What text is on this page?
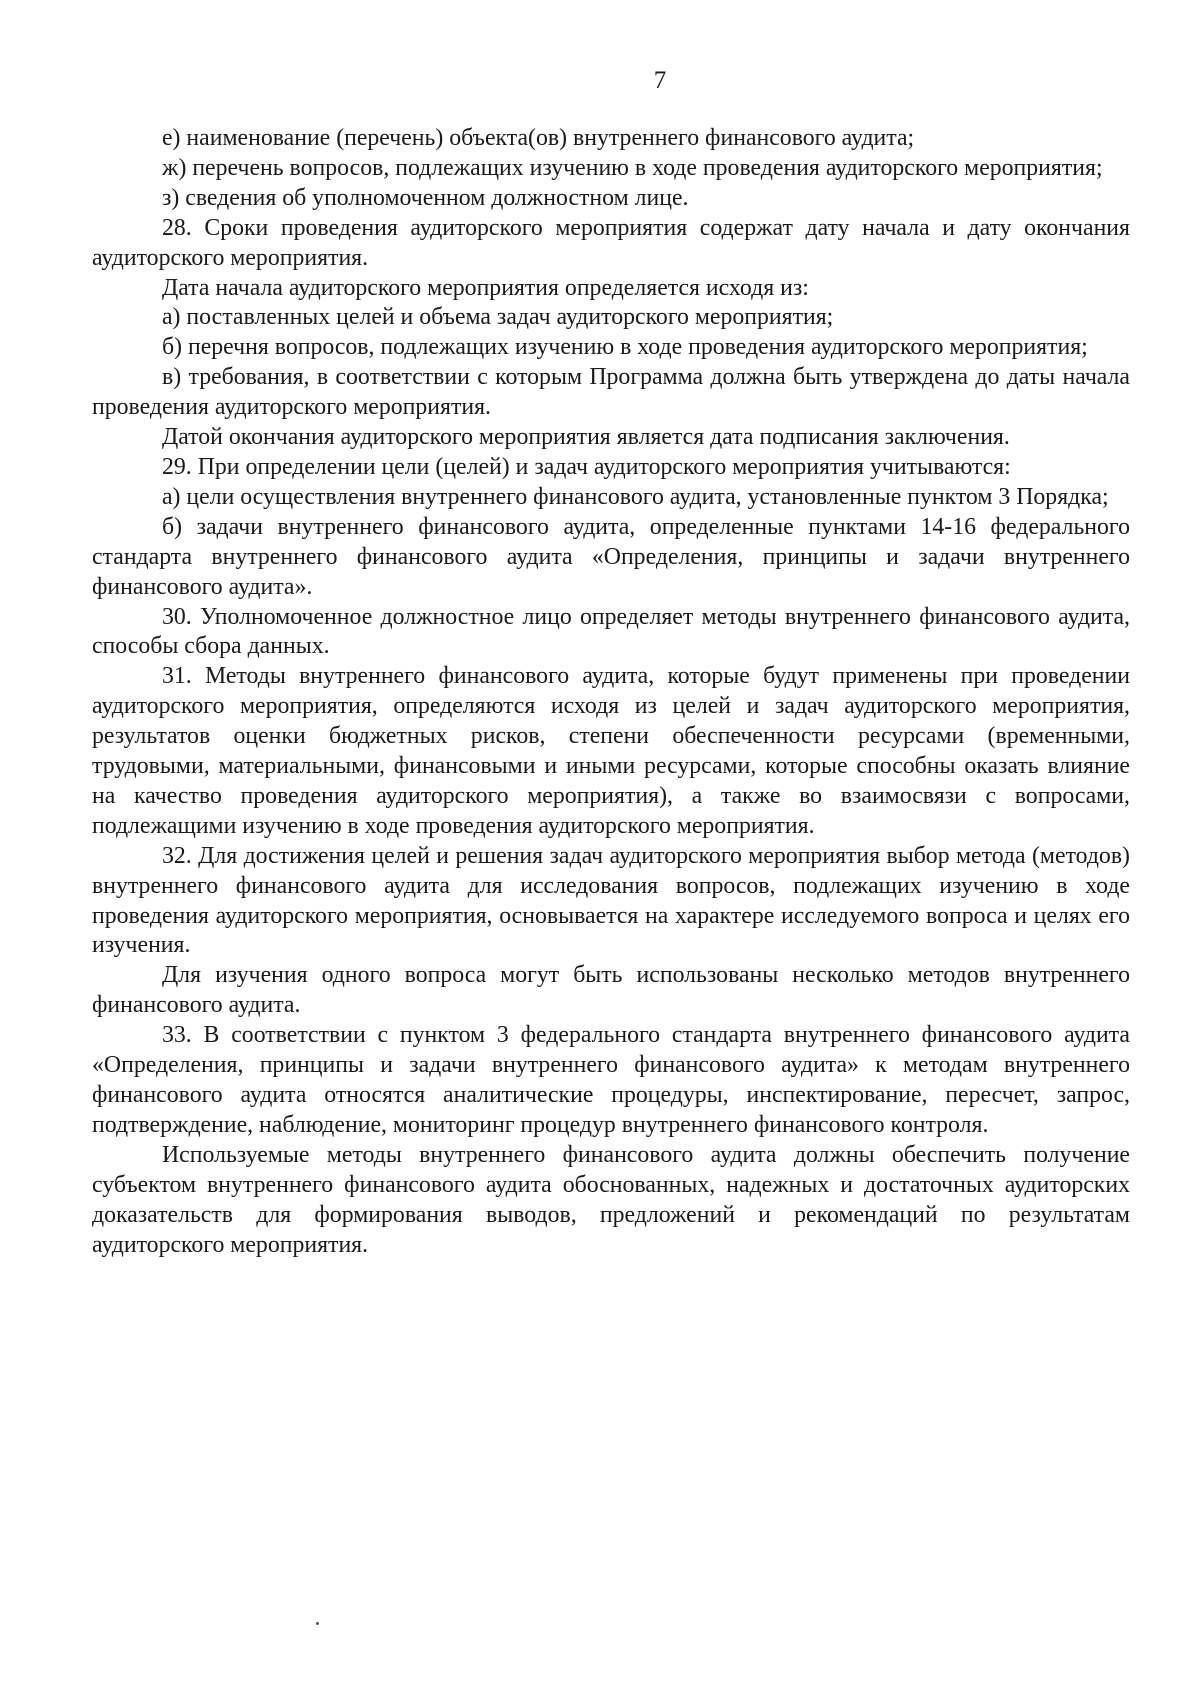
7

е) наименование (перечень) объекта(ов) внутреннего финансового аудита;

ж) перечень вопросов, подлежащих изучению в ходе проведения аудиторского мероприятия;

з) сведения об уполномоченном должностном лице.

28. Сроки проведения аудиторского мероприятия содержат дату начала и дату окончания аудиторского мероприятия.

Дата начала аудиторского мероприятия определяется исходя из:

а) поставленных целей и объема задач аудиторского мероприятия;

б) перечня вопросов, подлежащих изучению в ходе проведения аудиторского мероприятия;

в) требования, в соответствии с которым Программа должна быть утверждена до даты начала проведения аудиторского мероприятия.

Датой окончания аудиторского мероприятия является дата подписания заключения.

29. При определении цели (целей) и задач аудиторского мероприятия учитываются:

а) цели осуществления внутреннего финансового аудита, установленные пунктом 3 Порядка;

б) задачи внутреннего финансового аудита, определенные пунктами 14-16 федерального стандарта внутреннего финансового аудита «Определения, принципы и задачи внутреннего финансового аудита».

30. Уполномоченное должностное лицо определяет методы внутреннего финансового аудита, способы сбора данных.

31. Методы внутреннего финансового аудита, которые будут применены при проведении аудиторского мероприятия, определяются исходя из целей и задач аудиторского мероприятия, результатов оценки бюджетных рисков, степени обеспеченности ресурсами (временными, трудовыми, материальными, финансовыми и иными ресурсами, которые способны оказать влияние на качество проведения аудиторского мероприятия), а также во взаимосвязи с вопросами, подлежащими изучению в ходе проведения аудиторского мероприятия.

32. Для достижения целей и решения задач аудиторского мероприятия выбор метода (методов) внутреннего финансового аудита для исследования вопросов, подлежащих изучению в ходе проведения аудиторского мероприятия, основывается на характере исследуемого вопроса и целях его изучения.

Для изучения одного вопроса могут быть использованы несколько методов внутреннего финансового аудита.

33. В соответствии с пунктом 3 федерального стандарта внутреннего финансового аудита «Определения, принципы и задачи внутреннего финансового аудита» к методам внутреннего финансового аудита относятся аналитические процедуры, инспектирование, пересчет, запрос, подтверждение, наблюдение, мониторинг процедур внутреннего финансового контроля.

Используемые методы внутреннего финансового аудита должны обеспечить получение субъектом внутреннего финансового аудита обоснованных, надежных и достаточных аудиторских доказательств для формирования выводов, предложений и рекомендаций по результатам аудиторского мероприятия.
